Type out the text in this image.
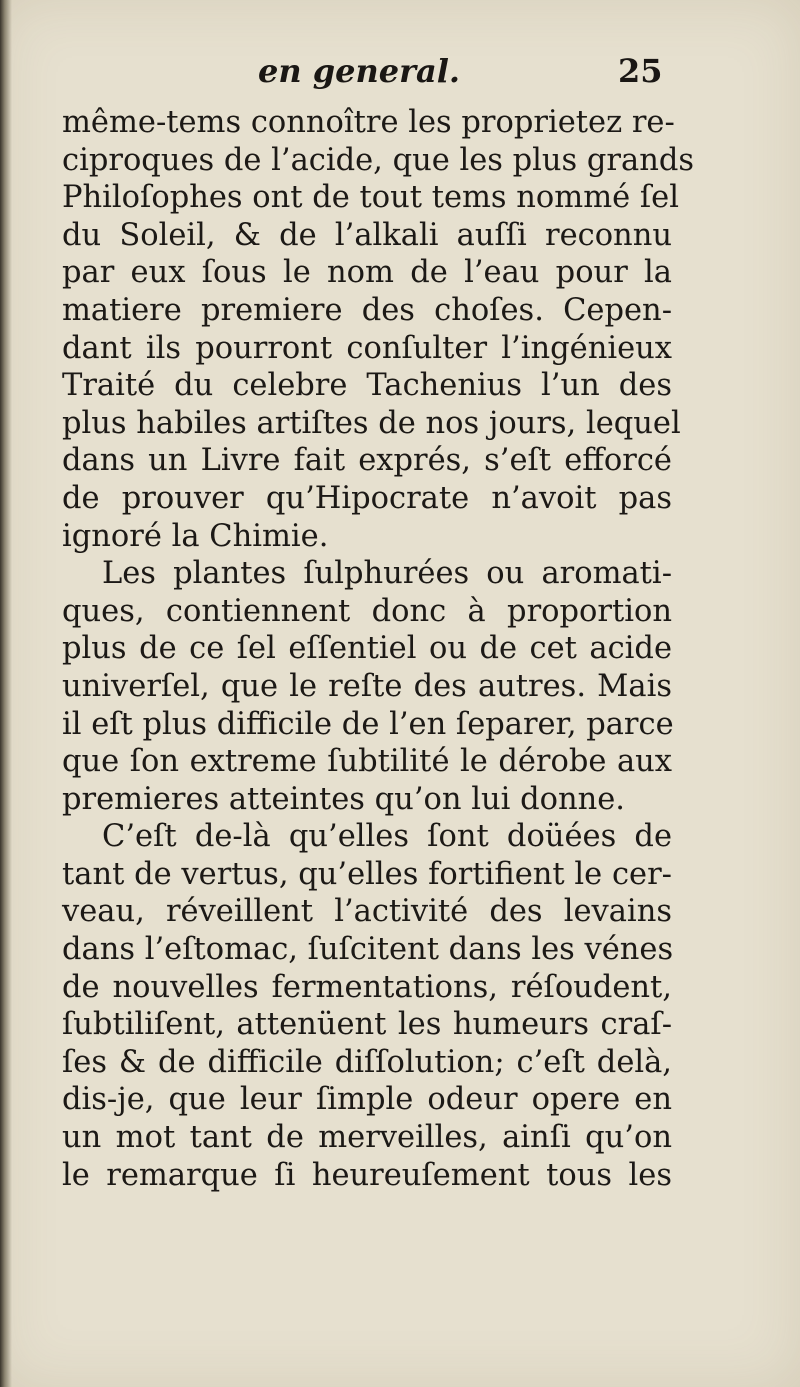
en general.	25
même-tems connoître les proprietez re-
ciproques de l’acide, que les plus grands
Philoſophes ont de tout tems nommé ſel
du Soleil, & de l’alkali auſſi reconnu
par eux ſous le nom de l’eau pour la
matiere premiere des choſes. Cepen-
dant ils pourront conſulter l’ingénieux
Traité du celebre Tachenius l’un des
plus habiles artiſtes de nos jours, lequel
dans un Livre fait exprés, s’eſt efforcé
de prouver qu’Hipocrate n’avoit pas
ignoré la Chimie.
Les plantes ſulphurées ou aromati-
ques, contiennent donc à proportion
plus de ce ſel eſſentiel ou de cet acide
univerſel, que le reſte des autres. Mais
il eſt plus difficile de l’en ſeparer, parce
que ſon extreme ſubtilité le dérobe aux
premieres atteintes qu’on lui donne.
C’eſt de-là qu’elles ſont doüées de
tant de vertus, qu’elles fortifient le cer-
veau, réveillent l’activité des levains
dans l’eſtomac, ſuſcitent dans les vénes
de nouvelles fermentations, réſoudent,
ſubtiliſent, attenüent les humeurs craſ-
ſes & de difficile diſſolution; c’eſt delà,
dis-je, que leur ſimple odeur opere en
un mot tant de merveilles, ainſi qu’on
le remarque ſi heureuſement tous les
